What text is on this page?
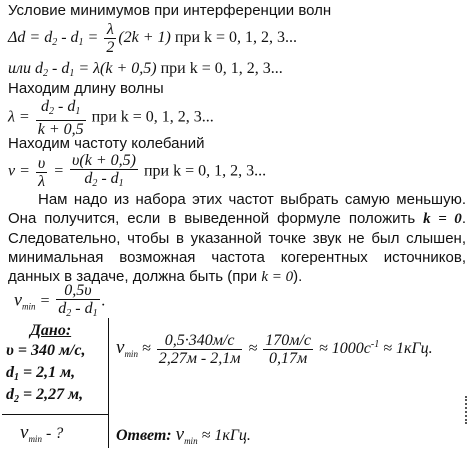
Условие минимумов при интерференции волн
$\Delta d = d_2 - d_1 = \frac{\lambda}{2} (2k + 1)$ при k = 0, 1, 2, 3...
или $d_2 - d_1 = \lambda(k + 0,5)$ при k = 0, 1, 2, 3...
Находим длину волны
$\lambda = \frac{d_2 - d_1}{k + 0,5}$ при k = 0, 1, 2, 3...
Находим частоту колебаний
$\nu = \frac{\upsilon}{\lambda} = \frac{\upsilon(k + 0,5)}{d_2 - d_1}$ при k = 0, 1, 2, 3...
Нам надо из набора этих частот выбрать самую меньшую. Она получится, если в выведенной формуле положить k = 0. Следовательно, чтобы в указанной точке звук не был слышен, минимальная возможная частота когерентных источников, данных в задаче, должна быть (при k = 0).
$\nu_{min} = \frac{0,5\upsilon}{d_2 - d_1}$ .
Дано:
υ = 340 м/с,
$d_1 = 2,1$ м,
$d_2 = 2,27$ м,
$\nu_{min}$ - ?
$\nu_{min} \approx \frac{0,5\cdot 340м/с}{2,27м - 2,1м} \approx \frac{170м/с}{0,17м} \approx 1000с^{-1} \approx 1кГц$.
Ответ: $\nu_{min} \approx 1кГц$.
